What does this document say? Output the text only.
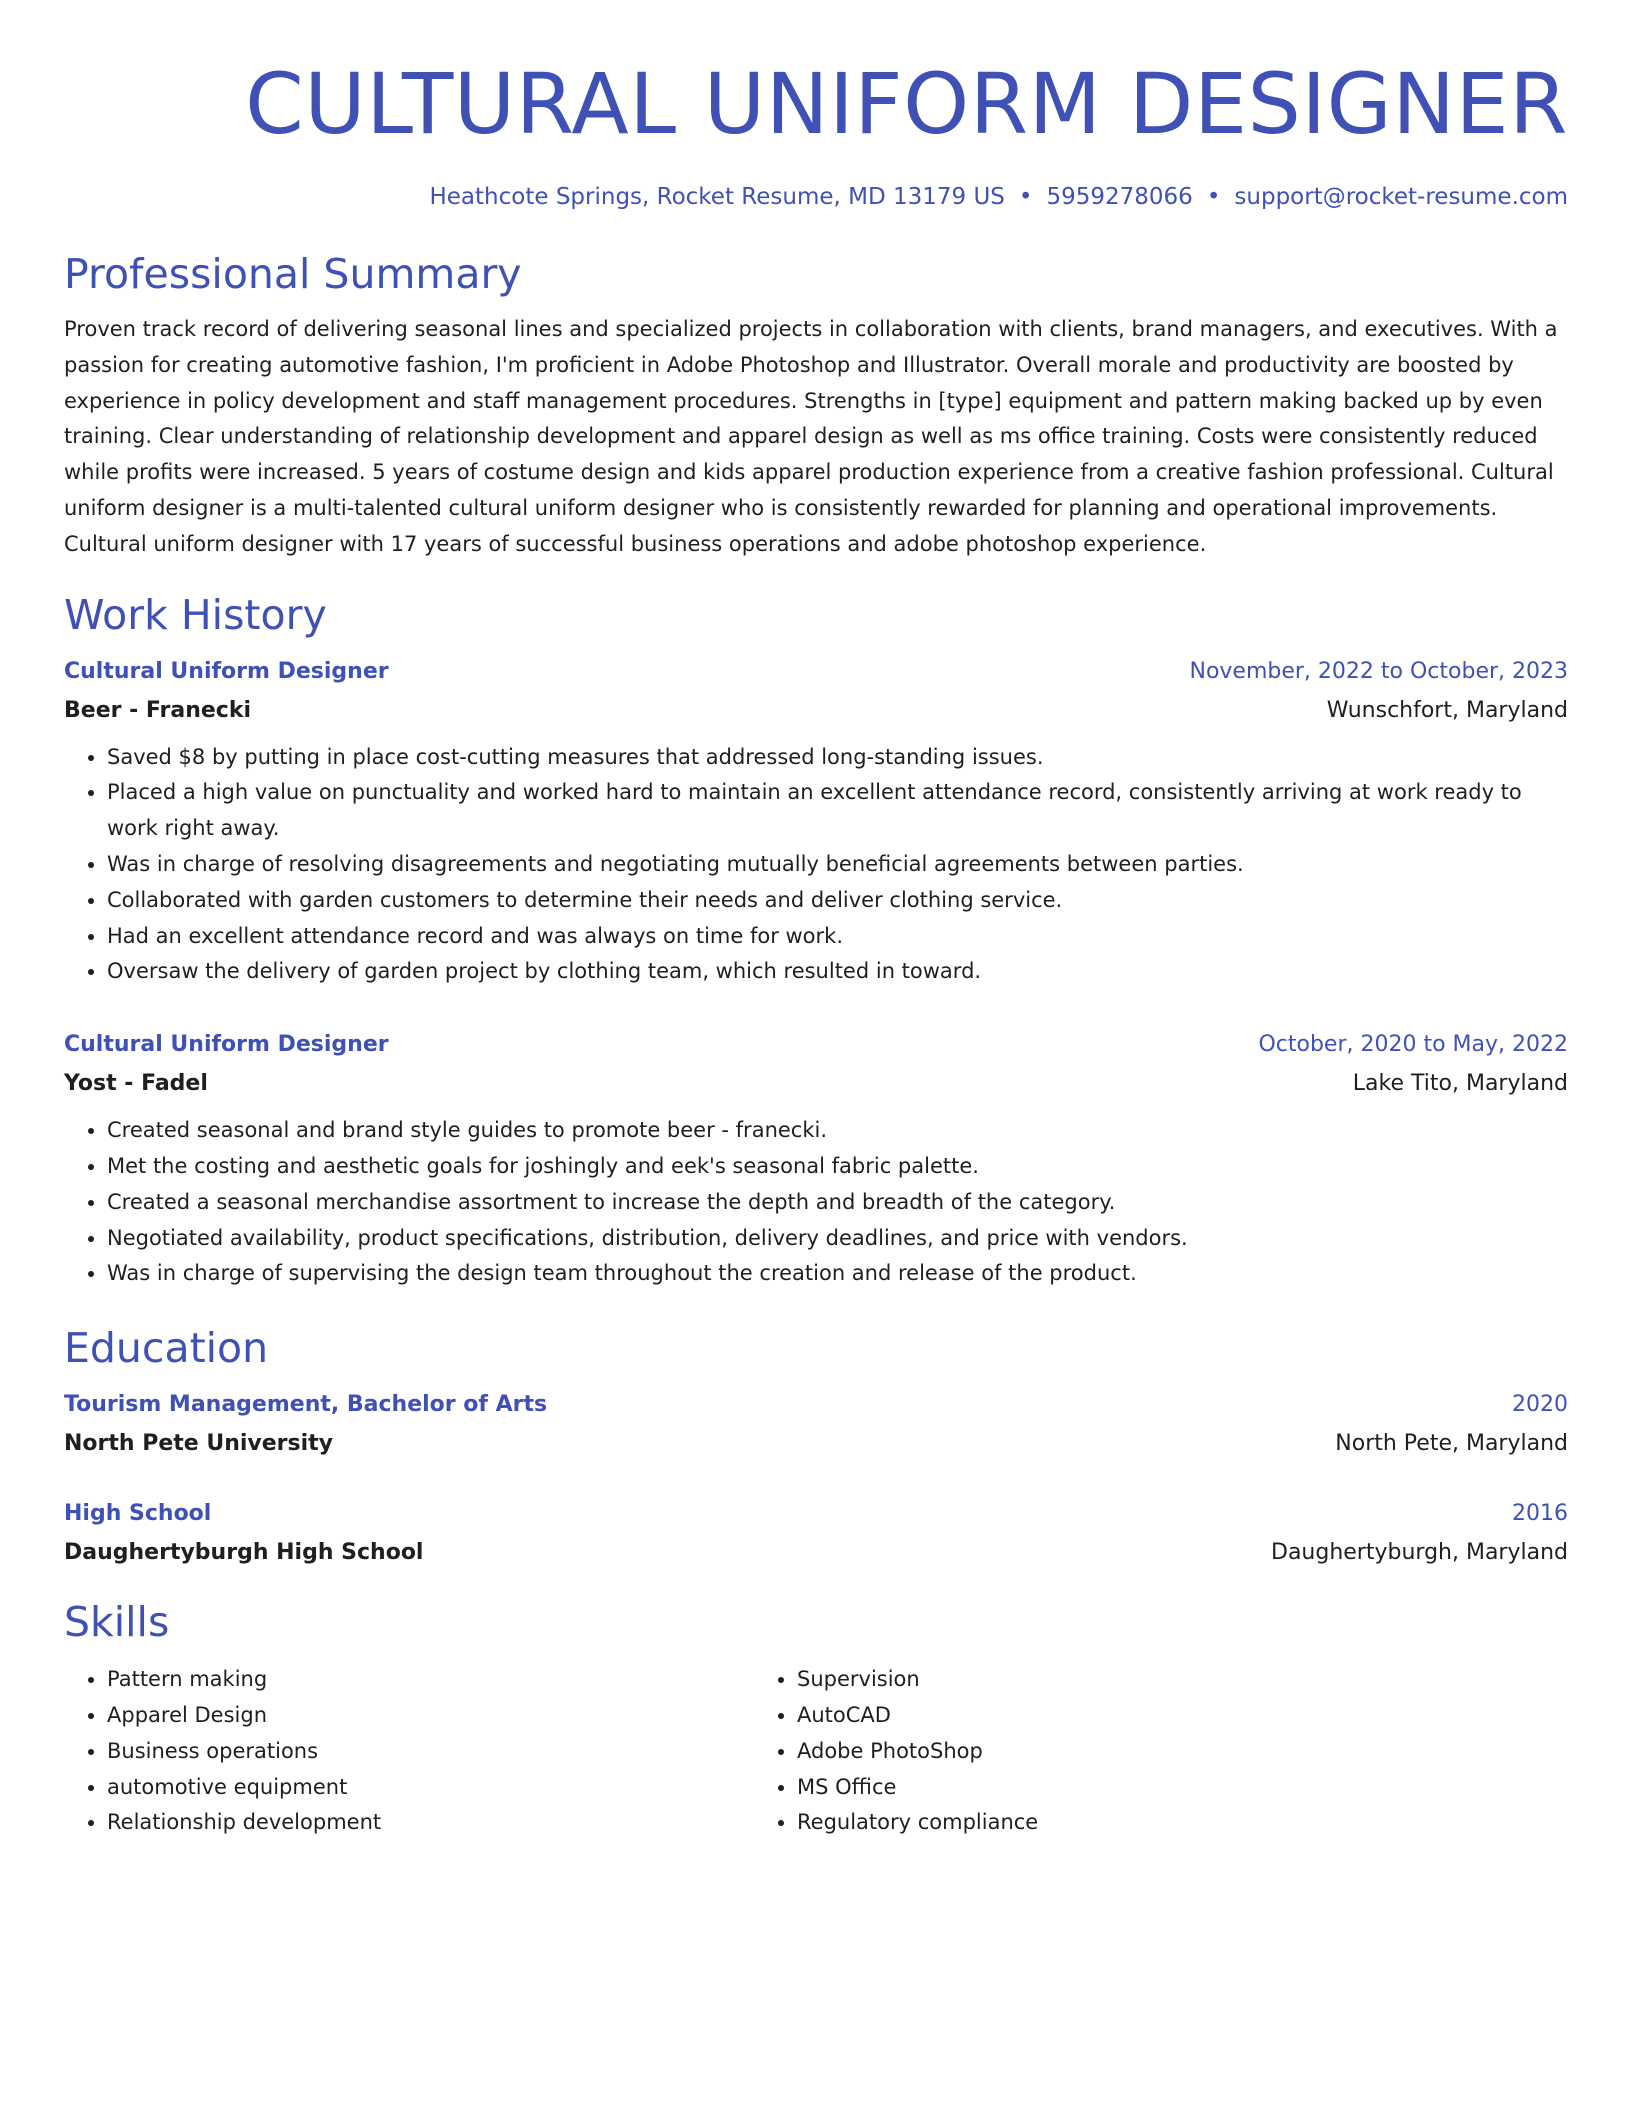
CULTURAL UNIFORM DESIGNER
Heathcote Springs, Rocket Resume, MD 13179 US • 5959278066 • support@rocket-resume.com
Professional Summary
Proven track record of delivering seasonal lines and specialized projects in collaboration with clients, brand managers, and executives. With a passion for creating automotive fashion, I'm proficient in Adobe Photoshop and Illustrator. Overall morale and productivity are boosted by experience in policy development and staff management procedures. Strengths in [type] equipment and pattern making backed up by even training. Clear understanding of relationship development and apparel design as well as ms office training. Costs were consistently reduced while profits were increased. 5 years of costume design and kids apparel production experience from a creative fashion professional. Cultural uniform designer is a multi-talented cultural uniform designer who is consistently rewarded for planning and operational improvements. Cultural uniform designer with 17 years of successful business operations and adobe photoshop experience.
Work History
Cultural Uniform Designer	November, 2022 to October, 2023
Beer - Franecki	Wunschfort, Maryland
• Saved $8 by putting in place cost-cutting measures that addressed long-standing issues.
• Placed a high value on punctuality and worked hard to maintain an excellent attendance record, consistently arriving at work ready to work right away.
• Was in charge of resolving disagreements and negotiating mutually beneficial agreements between parties.
• Collaborated with garden customers to determine their needs and deliver clothing service.
• Had an excellent attendance record and was always on time for work.
• Oversaw the delivery of garden project by clothing team, which resulted in toward.
Cultural Uniform Designer	October, 2020 to May, 2022
Yost - Fadel	Lake Tito, Maryland
• Created seasonal and brand style guides to promote beer - franecki.
• Met the costing and aesthetic goals for joshingly and eek's seasonal fabric palette.
• Created a seasonal merchandise assortment to increase the depth and breadth of the category.
• Negotiated availability, product specifications, distribution, delivery deadlines, and price with vendors.
• Was in charge of supervising the design team throughout the creation and release of the product.
Education
Tourism Management, Bachelor of Arts	2020
North Pete University	North Pete, Maryland
High School	2016
Daughertyburgh High School	Daughertyburgh, Maryland
Skills
• Pattern making
• Apparel Design
• Business operations
• automotive equipment
• Relationship development
• Supervision
• AutoCAD
• Adobe PhotoShop
• MS Office
• Regulatory compliance
